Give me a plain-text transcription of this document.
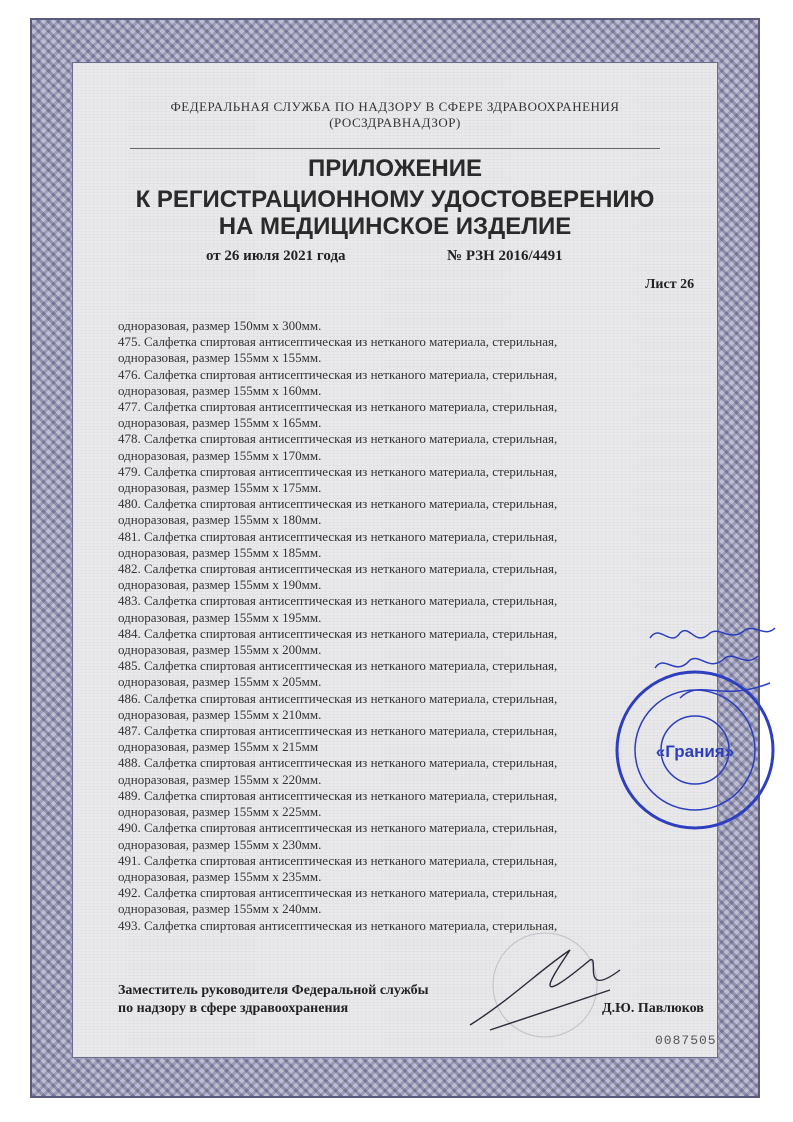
ФЕДЕРАЛЬНАЯ СЛУЖБА ПО НАДЗОРУ В СФЕРЕ ЗДРАВООХРАНЕНИЯ
(РОСЗДРАВНАДЗОР)
ПРИЛОЖЕНИЕ
К РЕГИСТРАЦИОННОМУ УДОСТОВЕРЕНИЮ
НА МЕДИЦИНСКОЕ ИЗДЕЛИЕ
от 26 июля 2021 года	№ РЗН 2016/4491
Лист 26
одноразовая, размер 150мм х 300мм.
475. Салфетка спиртовая антисептическая из нетканого материала, стерильная,
одноразовая, размер 155мм х 155мм.
476. Салфетка спиртовая антисептическая из нетканого материала, стерильная,
одноразовая, размер 155мм х 160мм.
477. Салфетка спиртовая антисептическая из нетканого материала, стерильная,
одноразовая, размер 155мм х 165мм.
478. Салфетка спиртовая антисептическая из нетканого материала, стерильная,
одноразовая, размер 155мм х 170мм.
479. Салфетка спиртовая антисептическая из нетканого материала, стерильная,
одноразовая, размер 155мм х 175мм.
480. Салфетка спиртовая антисептическая из нетканого материала, стерильная,
одноразовая, размер 155мм х 180мм.
481. Салфетка спиртовая антисептическая из нетканого материала, стерильная,
одноразовая, размер 155мм х 185мм.
482. Салфетка спиртовая антисептическая из нетканого материала, стерильная,
одноразовая, размер 155мм х 190мм.
483. Салфетка спиртовая антисептическая из нетканого материала, стерильная,
одноразовая, размер 155мм х 195мм.
484. Салфетка спиртовая антисептическая из нетканого материала, стерильная,
одноразовая, размер 155мм х 200мм.
485. Салфетка спиртовая антисептическая из нетканого материала, стерильная,
одноразовая, размер 155мм х 205мм.
486. Салфетка спиртовая антисептическая из нетканого материала, стерильная,
одноразовая, размер 155мм х 210мм.
487. Салфетка спиртовая антисептическая из нетканого материала, стерильная,
одноразовая, размер 155мм х 215мм
488. Салфетка спиртовая антисептическая из нетканого материала, стерильная,
одноразовая, размер 155мм х 220мм.
489. Салфетка спиртовая антисептическая из нетканого материала, стерильная,
одноразовая, размер 155мм х 225мм.
490. Салфетка спиртовая антисептическая из нетканого материала, стерильная,
одноразовая, размер 155мм х 230мм.
491. Салфетка спиртовая антисептическая из нетканого материала, стерильная,
одноразовая, размер 155мм х 235мм.
492. Салфетка спиртовая антисептическая из нетканого материала, стерильная,
одноразовая, размер 155мм х 240мм.
493. Салфетка спиртовая антисептическая из нетканого материала, стерильная,
Заместитель руководителя Федеральной службы
по надзору в сфере здравоохранения	Д.Ю. Павлюков
0087505
«Грания»
